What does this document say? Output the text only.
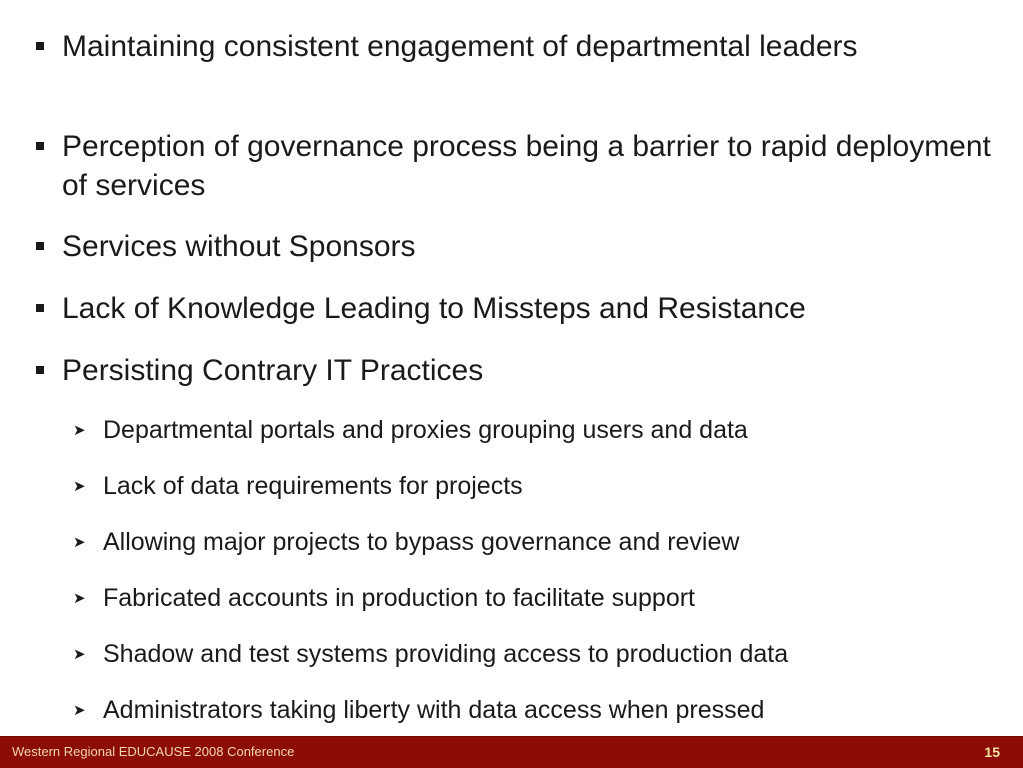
Maintaining consistent engagement of departmental leaders
Perception of governance process being a barrier to rapid deployment of services
Services without Sponsors
Lack of Knowledge Leading to Missteps and Resistance
Persisting Contrary IT Practices
➤ Departmental portals and proxies grouping users and data
➤ Lack of data requirements for projects
➤ Allowing major projects to bypass governance and review
➤ Fabricated accounts in production to facilitate support
➤ Shadow and test systems providing access to production data
➤ Administrators taking liberty with data access when pressed
Western Regional EDUCAUSE 2008 Conference	15
